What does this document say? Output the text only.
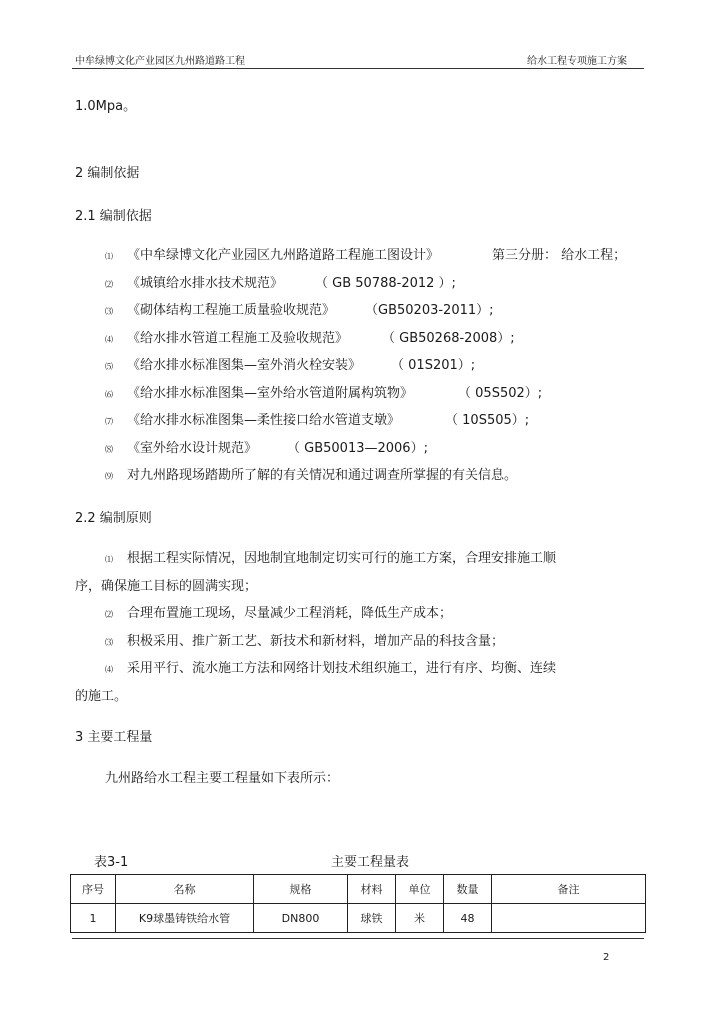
中牟绿博文化产业园区九州路道路工程	给水工程专项施工方案
1.0Mpa。
2 编制依据
2.1 编制依据
⑴ 《中牟绿博文化产业园区九州路道路工程施工图设计》	第三分册： 给水工程；
⑵ 《城镇给水排水技术规范》 （ GB 50788-2012 ）;
⑶ 《砌体结构工程施工质量验收规范》 （GB50203-2011）;
⑷ 《给水排水管道工程施工及验收规范》	（ GB50268-2008）;
⑸ 《给水排水标准图集—室外消火栓安装》 （ 01S201）;
⑹ 《给水排水标准图集—室外给水管道附属构筑物》	（ 05S502）;
⑺ 《给水排水标准图集—柔性接口给水管道支墩》	（ 10S505）;
⑻ 《室外给水设计规范》 （ GB50013—2006）;
⑼ 对九州路现场踏勘所了解的有关情况和通过调查所掌握的有关信息。
2.2 编制原则
⑴ 根据工程实际情况，因地制宜地制定切实可行的施工方案，合理安排施工顺
序，确保施工目标的圆满实现；
⑵ 合理布置施工现场，尽量减少工程消耗，降低生产成本；
⑶ 积极采用、推广新工艺、新技术和新材料，增加产品的科技含量；
⑷ 采用平行、流水施工方法和网络计划技术组织施工，进行有序、均衡、连续
的施工。
3 主要工程量
九州路给水工程主要工程量如下表所示：
表3-1	主要工程量表
序号	名称	规格	材料	单位	数量	备注
1	K9球墨铸铁给水管	DN800	球铁	米	48	
2
